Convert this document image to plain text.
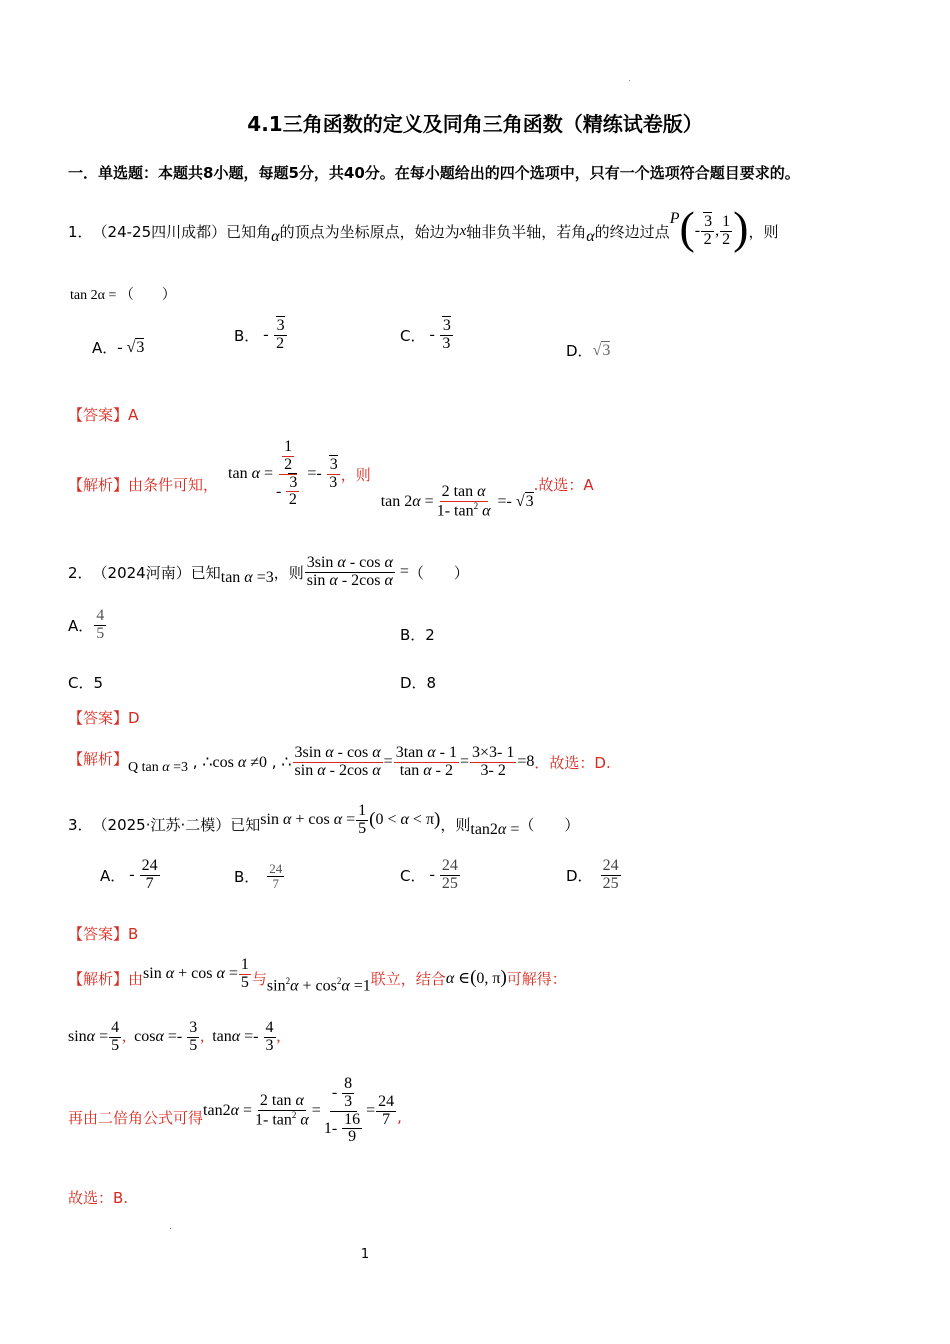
4.1三角函数的定义及同角三角函数（精练试卷版）
一．单选题：本题共8小题，每题5分，共40分。在每小题给出的四个选项中，只有一个选项符合题目要求的。
1． （24-25四川成都） 已知角 α 的顶点为坐标原点，始边为 x 轴非负半轴，若角 α 的终边过点
P ( - $\frac{3}{2}$ , $\frac{1}{2}$ ) ，则
tan 2α = （　　）
A． - √3
B． - $\frac{3}{2}$	C． - $\frac{3}{3}$	D． √3
【答案】A
【解析】 由条件可知，
$\tan \alpha = \frac{\frac{1}{2}}{- \frac{3}{2}} =- \frac{3}{3}$ ，则
$\tan 2\alpha = \frac{\text{2 tan α}}{1- \tan^2 \alpha} =- √3$
.故选：A
2． （2024河南） 已知 tan α =3 ，则 $\frac{\text{3sin α - cos α}}{\text{sin α - 2cos α}}$ = （　　）
A． $\frac{4}{5}$	B．2
C．5	D．8
【答案】D
【解析】 Q tan α =3 , ∴cos α ≠0 , ∴ $\frac{\text{3sin α - cos α}}{\text{sin α - 2cos α}} = \frac{\text{3tan α - 1}}{\text{tan α - 2}} = \frac{3\times 3- 1}{3- 2} =8$ ．故选：D.
3． （2025·江苏·二模） 已知 $\sin \alpha + \cos \alpha = \frac{1}{5}$ ( 0 < α < π ) ，则 tan2α = （　　）
A． - $\frac{24}{7}$	B． $\frac{24}{7}$	C． - $\frac{24}{25}$	D． $\frac{24}{25}$
【答案】B
【解析】 由 $\sin \alpha + \cos \alpha = \frac{1}{5}$ 与 $\sin^2\alpha + \cos^2\alpha =1$ 联立，结合 α ∈(0, π) 可解得：
$\sin\alpha = \frac{4}{5}$ , $\cos\alpha =- \frac{3}{5}$ , $\tan\alpha =- \frac{4}{3}$ ,
再由二倍角公式可得 $\tan 2\alpha = \frac{\text{2 tan α}}{1- \tan^2 \alpha} = \frac{- \frac{8}{3}}{1- \frac{16}{9}} = \frac{24}{7}$ ,
故选：B.
1
